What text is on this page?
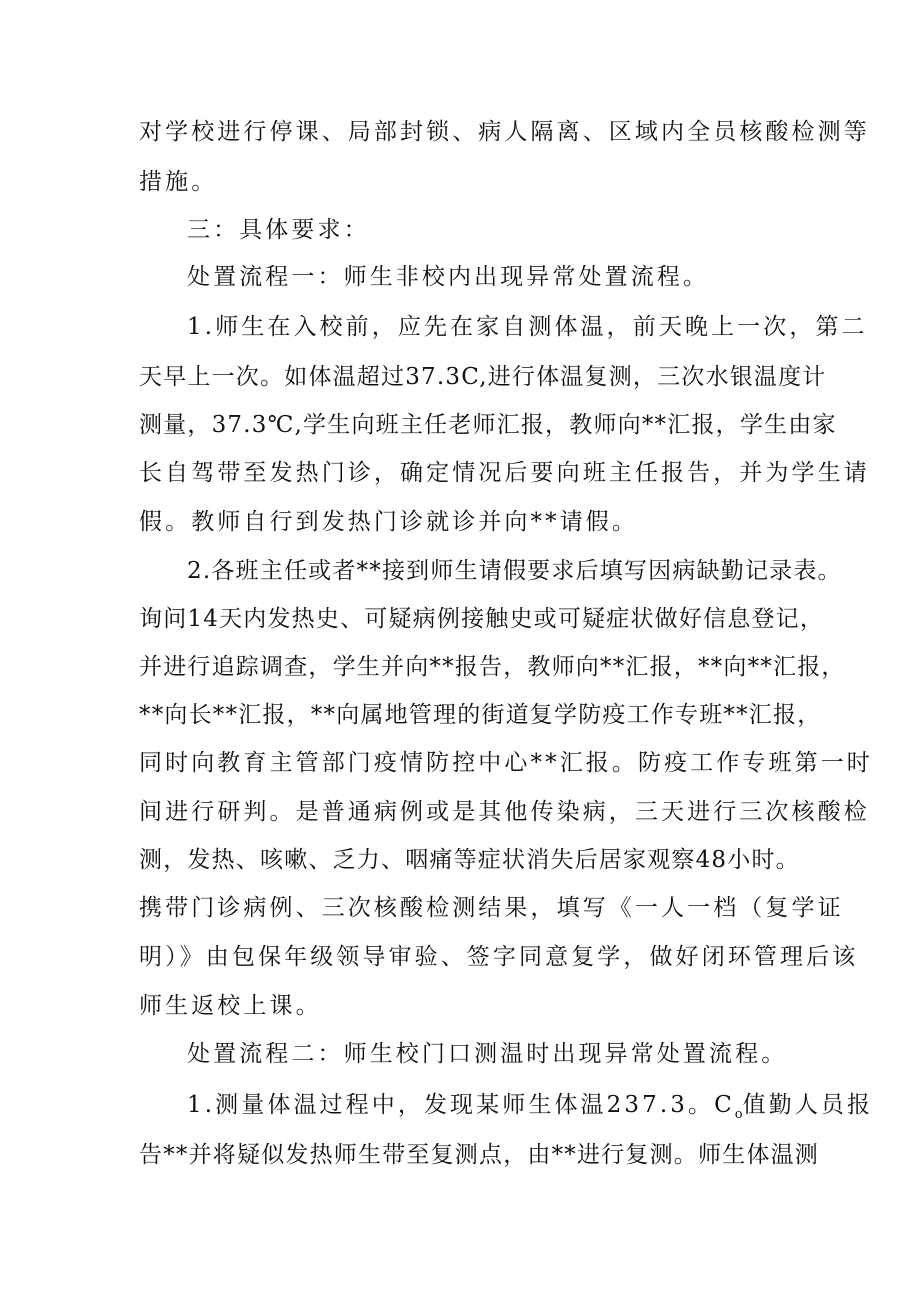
对学校进行停课、局部封锁、病人隔离、区域内全员核酸检测等
措施。
三：具体要求：
处置流程一：师生非校内出现异常处置流程。
1.师生在入校前，应先在家自测体温，前天晚上一次，第二
天早上一次。如体温超过37.3C,进行体温复测，三次水银温度计
测量，37.3℃,学生向班主任老师汇报，教师向**汇报，学生由家
长自驾带至发热门诊，确定情况后要向班主任报告，并为学生请
假。教师自行到发热门诊就诊并向**请假。
2.各班主任或者**接到师生请假要求后填写因病缺勤记录表。
询问14天内发热史、可疑病例接触史或可疑症状做好信息登记，
并进行追踪调查，学生并向**报告，教师向**汇报，**向**汇报，
**向长**汇报，**向属地管理的街道复学防疫工作专班**汇报，
同时向教育主管部门疫情防控中心**汇报。防疫工作专班第一时
间进行研判。是普通病例或是其他传染病，三天进行三次核酸检
测，发热、咳嗽、乏力、咽痛等症状消失后居家观察48小时。
携带门诊病例、三次核酸检测结果，填写《一人一档（复学证
明）》由包保年级领导审验、签字同意复学，做好闭环管理后该
师生返校上课。
处置流程二：师生校门口测温时出现异常处置流程。
1.测量体温过程中，发现某师生体温237.3。$C_o$值勤人员报
告**并将疑似发热师生带至复测点，由**进行复测。师生体温测
